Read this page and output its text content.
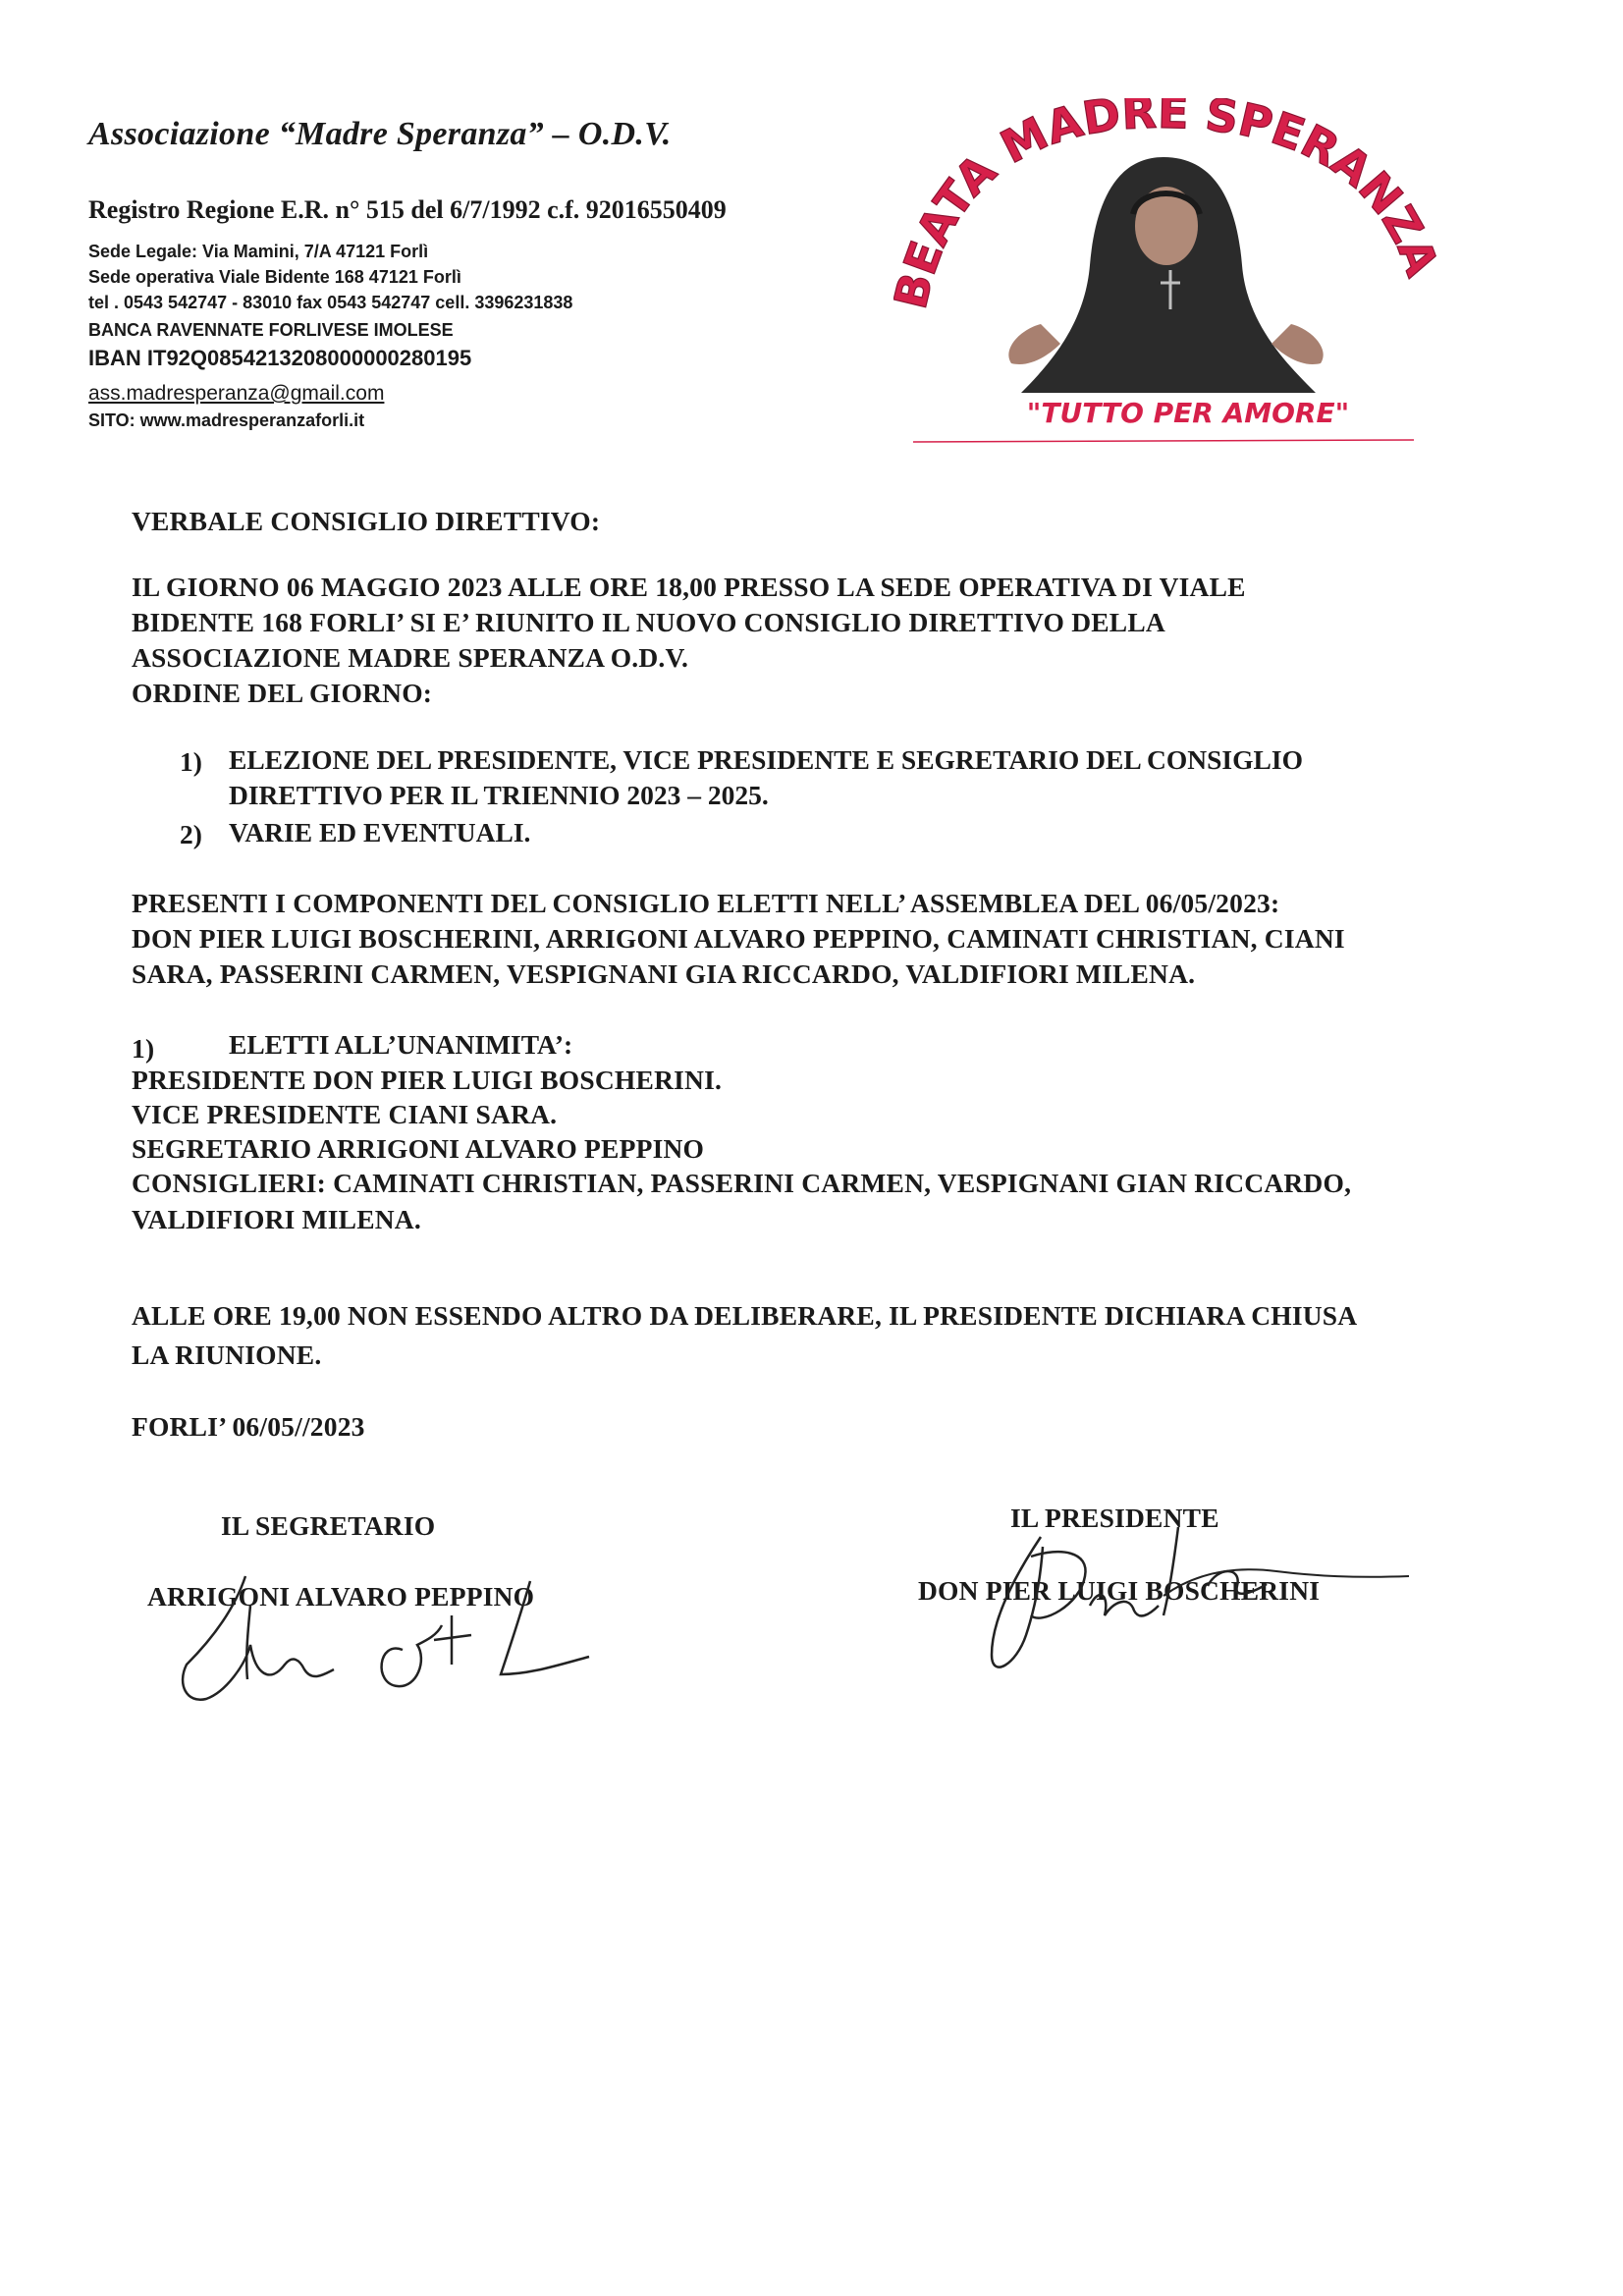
Associazione “Madre Speranza” – O.D.V.
Registro Regione E.R. n° 515 del 6/7/1992 c.f. 92016550409
Sede Legale: Via Mamini, 7/A 47121 Forlì
Sede operativa Viale Bidente 168 47121 Forlì
tel . 0543 542747 - 83010 fax 0543 542747 cell. 3396231838
BANCA RAVENNATE FORLIVESE IMOLESE
IBAN IT92Q0854213208000000280195
ass.madresperanza@gmail.com
SITO: www.madresperanzaforli.it
EATA MADRE SPERANZA
"TUTTO PER AMORE"
VERBALE CONSIGLIO DIRETTIVO:
IL GIORNO 06 MAGGIO 2023 ALLE ORE 18,00 PRESSO LA SEDE OPERATIVA DI VIALE
BIDENTE 168 FORLI’ SI E’ RIUNITO IL NUOVO CONSIGLIO DIRETTIVO DELLA
ASSOCIAZIONE MADRE SPERANZA O.D.V.
ORDINE DEL GIORNO:
1) ELEZIONE DEL PRESIDENTE, VICE PRESIDENTE E SEGRETARIO DEL CONSIGLIO
DIRETTIVO PER IL TRIENNIO 2023 – 2025.
2) VARIE ED EVENTUALI.
PRESENTI I COMPONENTI DEL CONSIGLIO ELETTI NELL’ ASSEMBLEA DEL 06/05/2023:
DON PIER LUIGI BOSCHERINI, ARRIGONI ALVARO PEPPINO, CAMINATI CHRISTIAN, CIANI
SARA, PASSERINI CARMEN, VESPIGNANI GIA RICCARDO, VALDIFIORI MILENA.
1)	ELETTI ALL’UNANIMITA’:
PRESIDENTE DON PIER LUIGI BOSCHERINI.
VICE PRESIDENTE CIANI SARA.
SEGRETARIO ARRIGONI ALVARO PEPPINO
CONSIGLIERI: CAMINATI CHRISTIAN, PASSERINI CARMEN, VESPIGNANI GIAN RICCARDO,
VALDIFIORI MILENA.
ALLE ORE 19,00 NON ESSENDO ALTRO DA DELIBERARE, IL PRESIDENTE DICHIARA CHIUSA
LA RIUNIONE.
FORLI’ 06/05//2023
IL SEGRETARIO
ARRIGONI ALVARO PEPPINO
IL PRESIDENTE
DON PIER LUIGI BOSCHERINI
